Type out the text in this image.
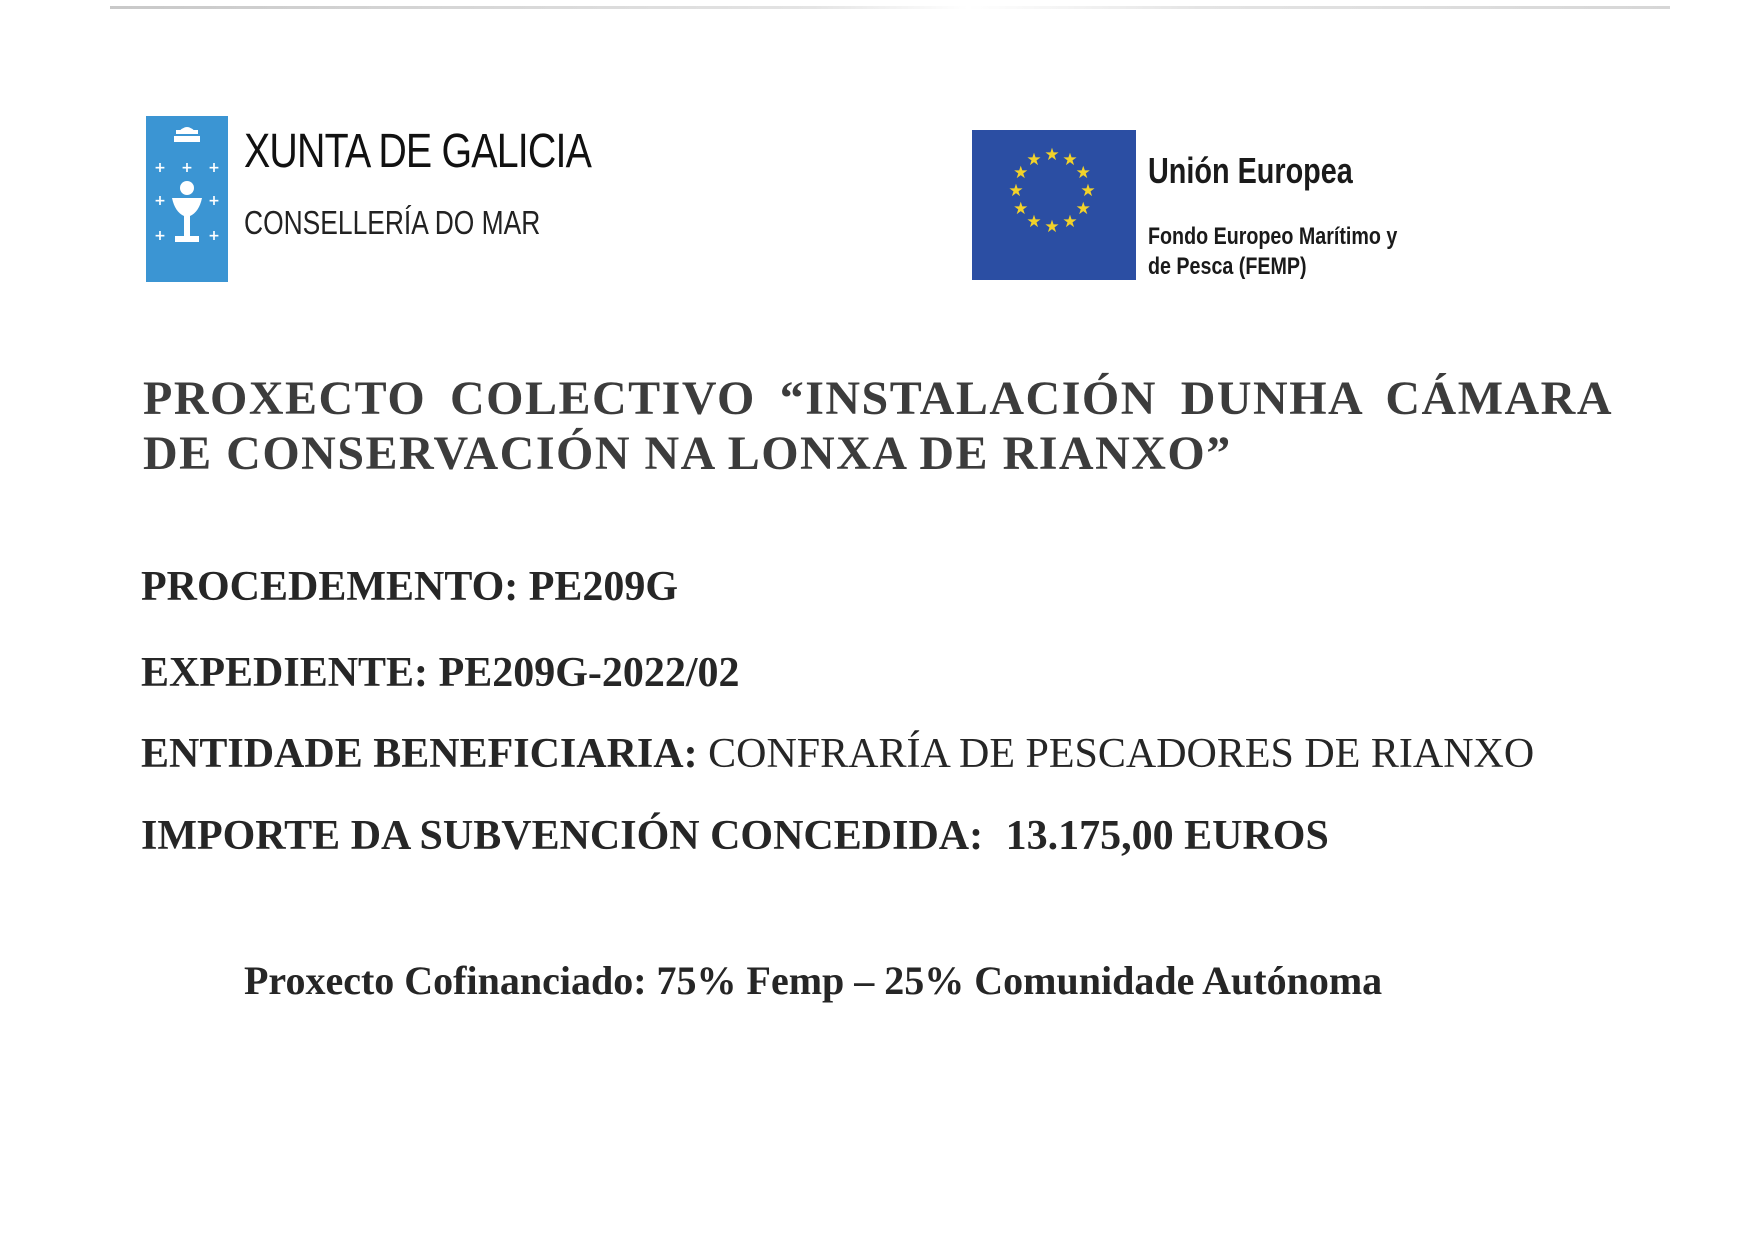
+ + +
+	+
+	+
XUNTA DE GALICIA
CONSELLERÍA DO MAR
★ ★
★
★
★
★
★
★
★
★
★
★	Unión Europea
Fondo Europeo Marítimo y de Pesca (FEMP)
PROXECTO COLECTIVO “INSTALACIÓN DUNHA CÁMARA DE CONSERVACIÓN NA LONXA DE RIANXO”
PROCEDEMENTO: PE209G
EXPEDIENTE: PE209G-2022/02
ENTIDADE BENEFICIARIA: CONFRARÍA DE PESCADORES DE RIANXO
IMPORTE DA SUBVENCIÓN CONCEDIDA: 13.175,00 EUROS
Proxecto Cofinanciado: 75% Femp – 25% Comunidade Autónoma
